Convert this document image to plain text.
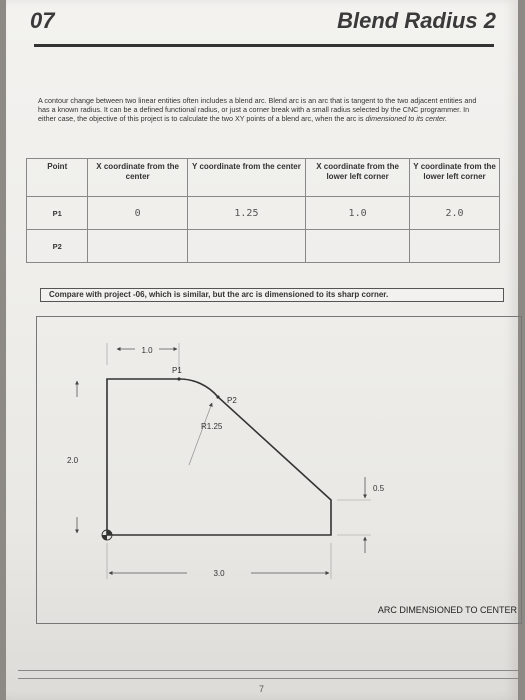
07	Blend Radius 2
A contour change between two linear entities often includes a blend arc. Blend arc is an arc that is tangent to the two adjacent entities and has a known radius. It can be a defined functional radius, or just a corner break with a small radius selected by the CNC programmer. In either case, the objective of this project is to calculate the two XY points of a blend arc, when the arc is dimensioned to its center.
Point	X coordinate from the center	Y coordinate from the center	X coordinate from the lower left corner	Y coordinate from the lower left corner
P1	0	1.25	1.0	2.0
P2				
Compare with project -06, which is similar, but the arc is dimensioned to its sharp corner.
1.0
P1
P2
R1.25
2.0
0.5
3.0
ARC DIMENSIONED TO CENTER
7
